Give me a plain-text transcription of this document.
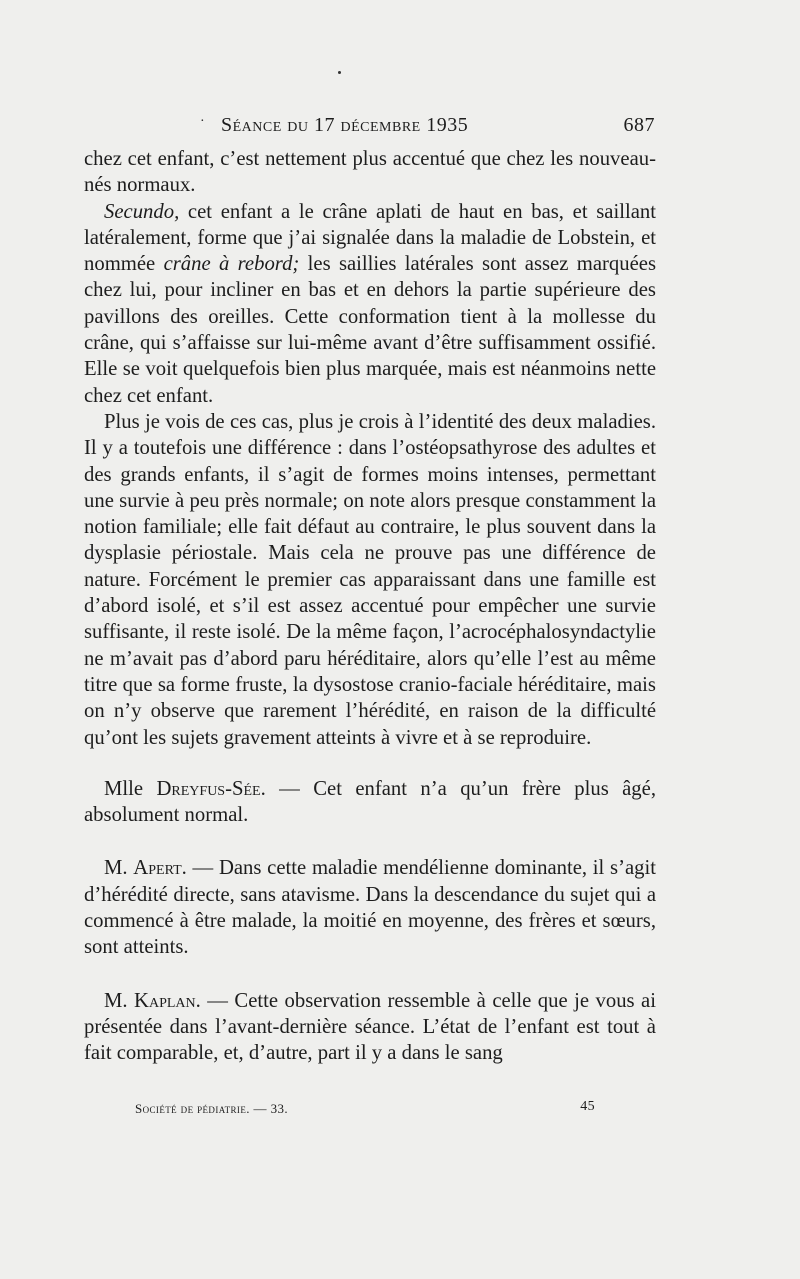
· Séance du 17 décembre 1935	687

chez cet enfant, c’est nettement plus accentué que chez les nouveau-nés normaux.

Secundo, cet enfant a le crâne aplati de haut en bas, et saillant latéralement, forme que j’ai signalée dans la maladie de Lobstein, et nommée crâne à rebord; les saillies latérales sont assez marquées chez lui, pour incliner en bas et en dehors la partie supérieure des pavillons des oreilles. Cette conformation tient à la mollesse du crâne, qui s’affaisse sur lui-même avant d’être suffisamment ossifié. Elle se voit quelquefois bien plus marquée, mais est néanmoins nette chez cet enfant.

Plus je vois de ces cas, plus je crois à l’identité des deux maladies. Il y a toutefois une différence : dans l’ostéopsathyrose des adultes et des grands enfants, il s’agit de formes moins intenses, permettant une survie à peu près normale; on note alors presque constamment la notion familiale; elle fait défaut au contraire, le plus souvent dans la dysplasie périostale. Mais cela ne prouve pas une différence de nature. Forcément le premier cas apparaissant dans une famille est d’abord isolé, et s’il est assez accentué pour empêcher une survie suffisante, il reste isolé. De la même façon, l’acrocéphalosyndactylie ne m’avait pas d’abord paru héréditaire, alors qu’elle l’est au même titre que sa forme fruste, la dysostose cranio-faciale héréditaire, mais on n’y observe que rarement l’hérédité, en raison de la difficulté qu’ont les sujets gravement atteints à vivre et à se reproduire.

Mlle Dreyfus-Sée. — Cet enfant n’a qu’un frère plus âgé, absolument normal.

M. Apert. — Dans cette maladie mendélienne dominante, il s’agit d’hérédité directe, sans atavisme. Dans la descendance du sujet qui a commencé à être malade, la moitié en moyenne, des frères et sœurs, sont atteints.

M. Kaplan. — Cette observation ressemble à celle que je vous ai présentée dans l’avant-dernière séance. L’état de l’enfant est tout à fait comparable, et, d’autre, part il y a dans le sang

Société de pédiatrie. — 33.	45
